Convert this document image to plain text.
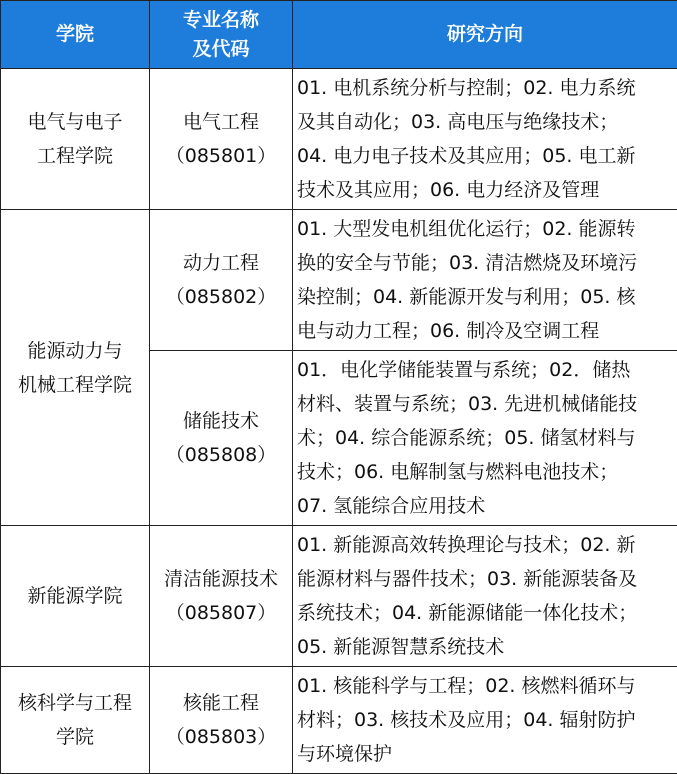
学院	专业名称
及代码	研究方向

电气与电子
工程学院	电气工程
（085801）	01. 电机系统分析与控制；02. 电力系统
及其自动化；03. 高电压与绝缘技术；
04. 电力电子技术及其应用；05. 电工新
技术及其应用；06. 电力经济及管理

能源动力与
机械工程学院	动力工程
（085802）	01. 大型发电机组优化运行；02. 能源转
换的安全与节能；03. 清洁燃烧及环境污
染控制；04. 新能源开发与利用；05. 核
电与动力工程；06. 制冷及空调工程

	储能技术
（085808）	01．电化学储能装置与系统；02．储热
材料、装置与系统；03. 先进机械储能技
术；04. 综合能源系统；05. 储氢材料与
技术；06. 电解制氢与燃料电池技术；
07. 氢能综合应用技术

新能源学院	清洁能源技术
（085807）	01. 新能源高效转换理论与技术；02. 新
能源材料与器件技术；03. 新能源装备及
系统技术；04. 新能源储能一体化技术；
05. 新能源智慧系统技术

核科学与工程
学院	核能工程
（085803）	01. 核能科学与工程；02. 核燃料循环与
材料；03. 核技术及应用；04. 辐射防护
与环境保护
